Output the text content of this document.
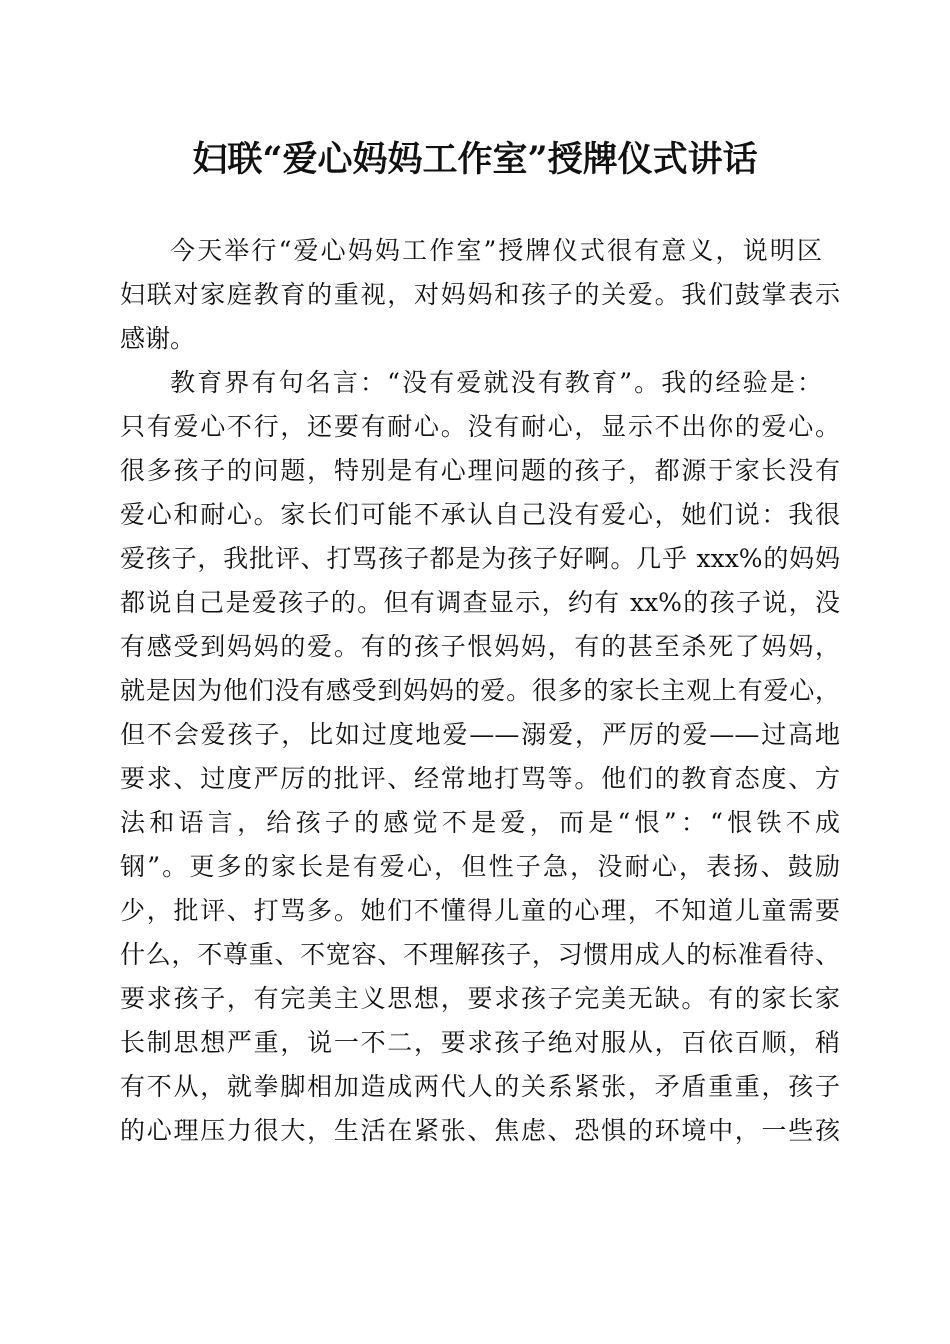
妇联“爱心妈妈工作室”授牌仪式讲话

今天举行“爱心妈妈工作室”授牌仪式很有意义，说明区

妇联对家庭教育的重视，对妈妈和孩子的关爱。我们鼓掌表示

感谢。

教育界有句名言：“没有爱就没有教育”。我的经验是：

只有爱心不行，还要有耐心。没有耐心，显示不出你的爱心。

很多孩子的问题，特别是有心理问题的孩子，都源于家长没有

爱心和耐心。家长们可能不承认自己没有爱心，她们说：我很

爱孩子，我批评、打骂孩子都是为孩子好啊。几乎 xxx%的妈妈

都说自己是爱孩子的。但有调查显示，约有 xx%的孩子说，没

有感受到妈妈的爱。有的孩子恨妈妈，有的甚至杀死了妈妈，

就是因为他们没有感受到妈妈的爱。很多的家长主观上有爱心，

但不会爱孩子，比如过度地爱——溺爱，严厉的爱——过高地

要求、过度严厉的批评、经常地打骂等。他们的教育态度、方

法和语言，给孩子的感觉不是爱，而是“恨”：“恨铁不成

钢”。更多的家长是有爱心，但性子急，没耐心，表扬、鼓励

少，批评、打骂多。她们不懂得儿童的心理，不知道儿童需要

什么，不尊重、不宽容、不理解孩子，习惯用成人的标准看待、

要求孩子，有完美主义思想，要求孩子完美无缺。有的家长家

长制思想严重，说一不二，要求孩子绝对服从，百依百顺，稍

有不从，就拳脚相加造成两代人的关系紧张，矛盾重重，孩子

的心理压力很大，生活在紧张、焦虑、恐惧的环境中，一些孩
